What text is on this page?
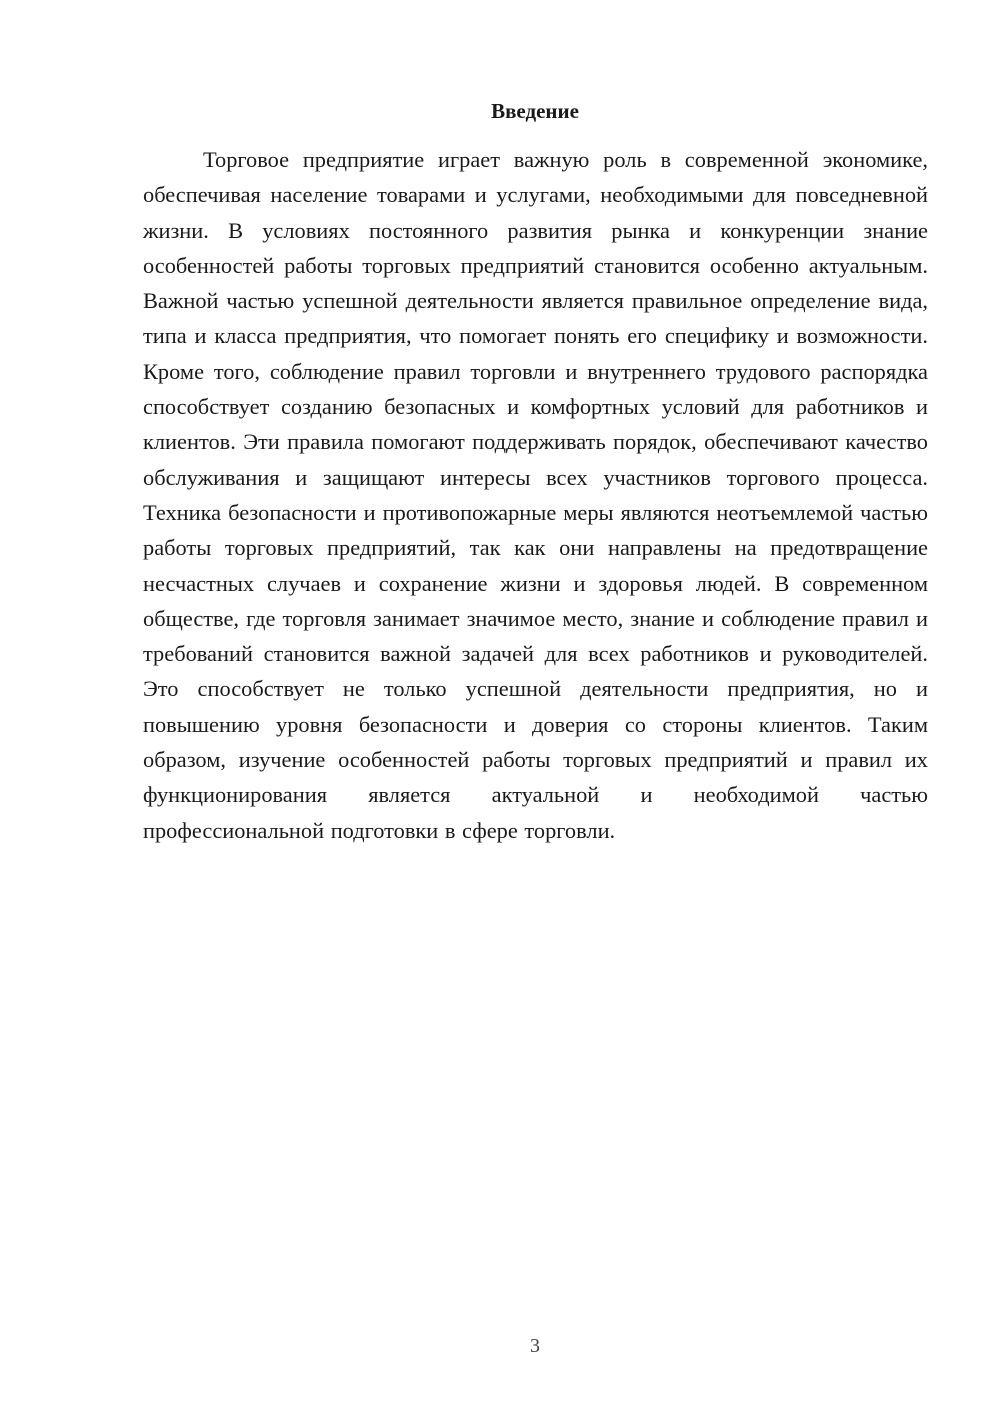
Введение

Торговое предприятие играет важную роль в современной экономике, обеспечивая население товарами и услугами, необходимыми для повседневной жизни. В условиях постоянного развития рынка и конкуренции знание особенностей работы торговых предприятий становится особенно актуальным. Важной частью успешной деятельности является правильное определение вида, типа и класса предприятия, что помогает понять его специфику и возможности. Кроме того, соблюдение правил торговли и внутреннего трудового распорядка способствует созданию безопасных и комфортных условий для работников и клиентов. Эти правила помогают поддерживать порядок, обеспечивают качество обслуживания и защищают интересы всех участников торгового процесса. Техника безопасности и противопожарные меры являются неотъемлемой частью работы торговых предприятий, так как они направлены на предотвращение несчастных случаев и сохранение жизни и здоровья людей. В современном обществе, где торговля занимает значимое место, знание и соблюдение правил и требований становится важной задачей для всех работников и руководителей. Это способствует не только успешной деятельности предприятия, но и повышению уровня безопасности и доверия со стороны клиентов. Таким образом, изучение особенностей работы торговых предприятий и правил их функционирования является актуальной и необходимой частью профессиональной подготовки в сфере торговли.

3
